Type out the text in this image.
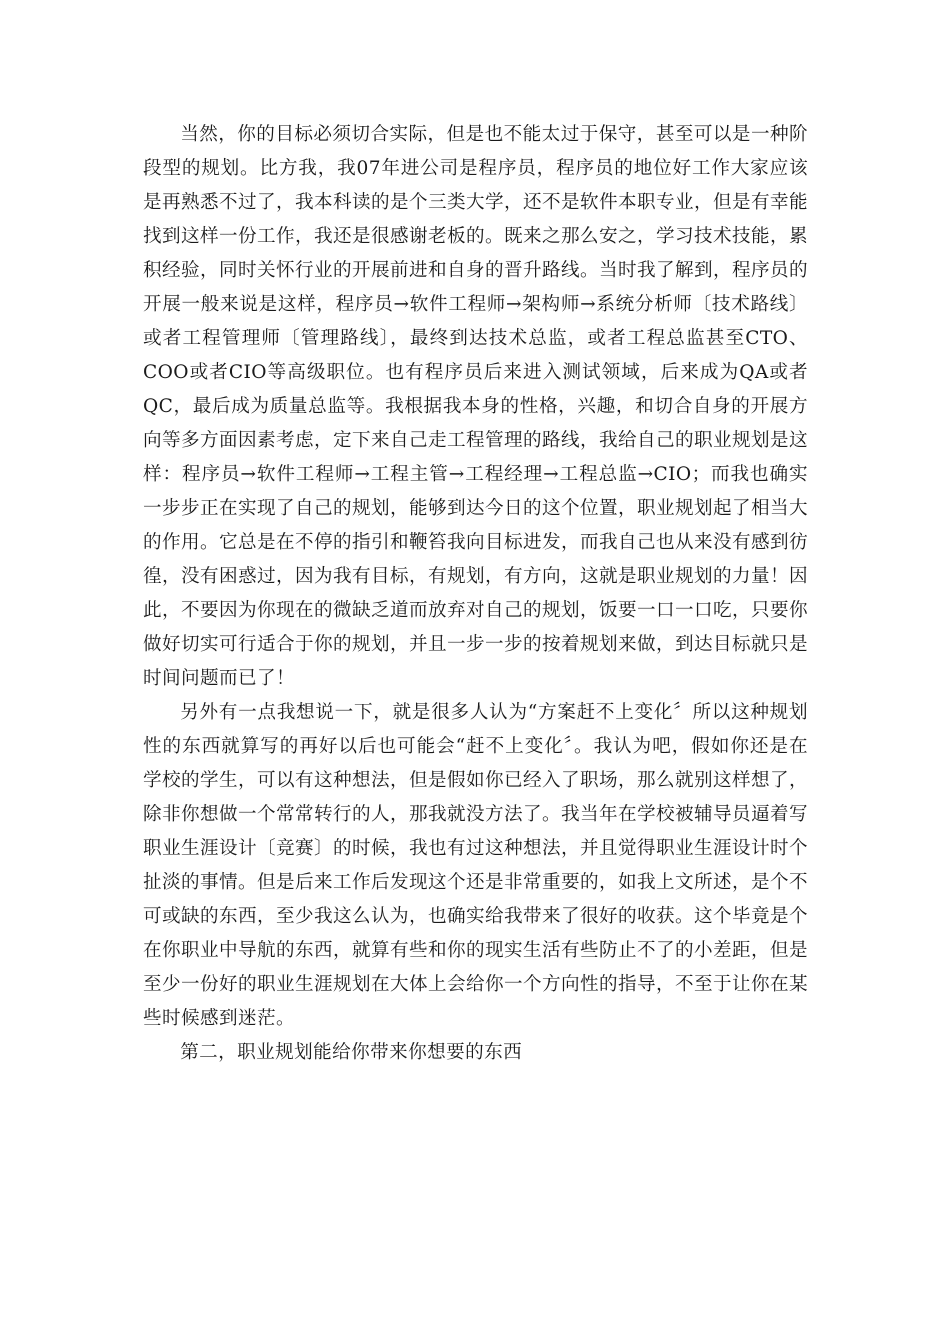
当然，你的目标必须切合实际，但是也不能太过于保守，甚至可以是一种阶段型的规划。比方我，我07年进公司是程序员，程序员的地位好工作大家应该是再熟悉不过了，我本科读的是个三类大学，还不是软件本职专业，但是有幸能找到这样一份工作，我还是很感谢老板的。既来之那么安之，学习技术技能，累积经验，同时关怀行业的开展前进和自身的晋升路线。当时我了解到，程序员的开展一般来说是这样，程序员→软件工程师→架构师→系统分析师〔技术路线〕或者工程管理师〔管理路线〕，最终到达技术总监，或者工程总监甚至CTO、COO或者CIO等高级职位。也有程序员后来进入测试领域，后来成为QA或者QC，最后成为质量总监等。我根据我本身的性格，兴趣，和切合自身的开展方向等多方面因素考虑，定下来自己走工程管理的路线，我给自己的职业规划是这样：程序员→软件工程师→工程主管→工程经理→工程总监→CIO；而我也确实一步步正在实现了自己的规划，能够到达今日的这个位置，职业规划起了相当大的作用。它总是在不停的指引和鞭笞我向目标进发，而我自己也从来没有感到彷徨，没有困惑过，因为我有目标，有规划，有方向，这就是职业规划的力量！因此，不要因为你现在的微缺乏道而放弃对自己的规划，饭要一口一口吃，只要你做好切实可行适合于你的规划，并且一步一步的按着规划来做，到达目标就只是时间问题而已了！

另外有一点我想说一下，就是很多人认为“方案赶不上变化〞所以这种规划性的东西就算写的再好以后也可能会“赶不上变化〞。我认为吧，假如你还是在学校的学生，可以有这种想法，但是假如你已经入了职场，那么就别这样想了，除非你想做一个常常转行的人，那我就没方法了。我当年在学校被辅导员逼着写职业生涯设计〔竞赛〕的时候，我也有过这种想法，并且觉得职业生涯设计时个扯淡的事情。但是后来工作后发现这个还是非常重要的，如我上文所述，是个不可或缺的东西，至少我这么认为，也确实给我带来了很好的收获。这个毕竟是个在你职业中导航的东西，就算有些和你的现实生活有些防止不了的小差距，但是至少一份好的职业生涯规划在大体上会给你一个方向性的指导，不至于让你在某些时候感到迷茫。

第二，职业规划能给你带来你想要的东西
